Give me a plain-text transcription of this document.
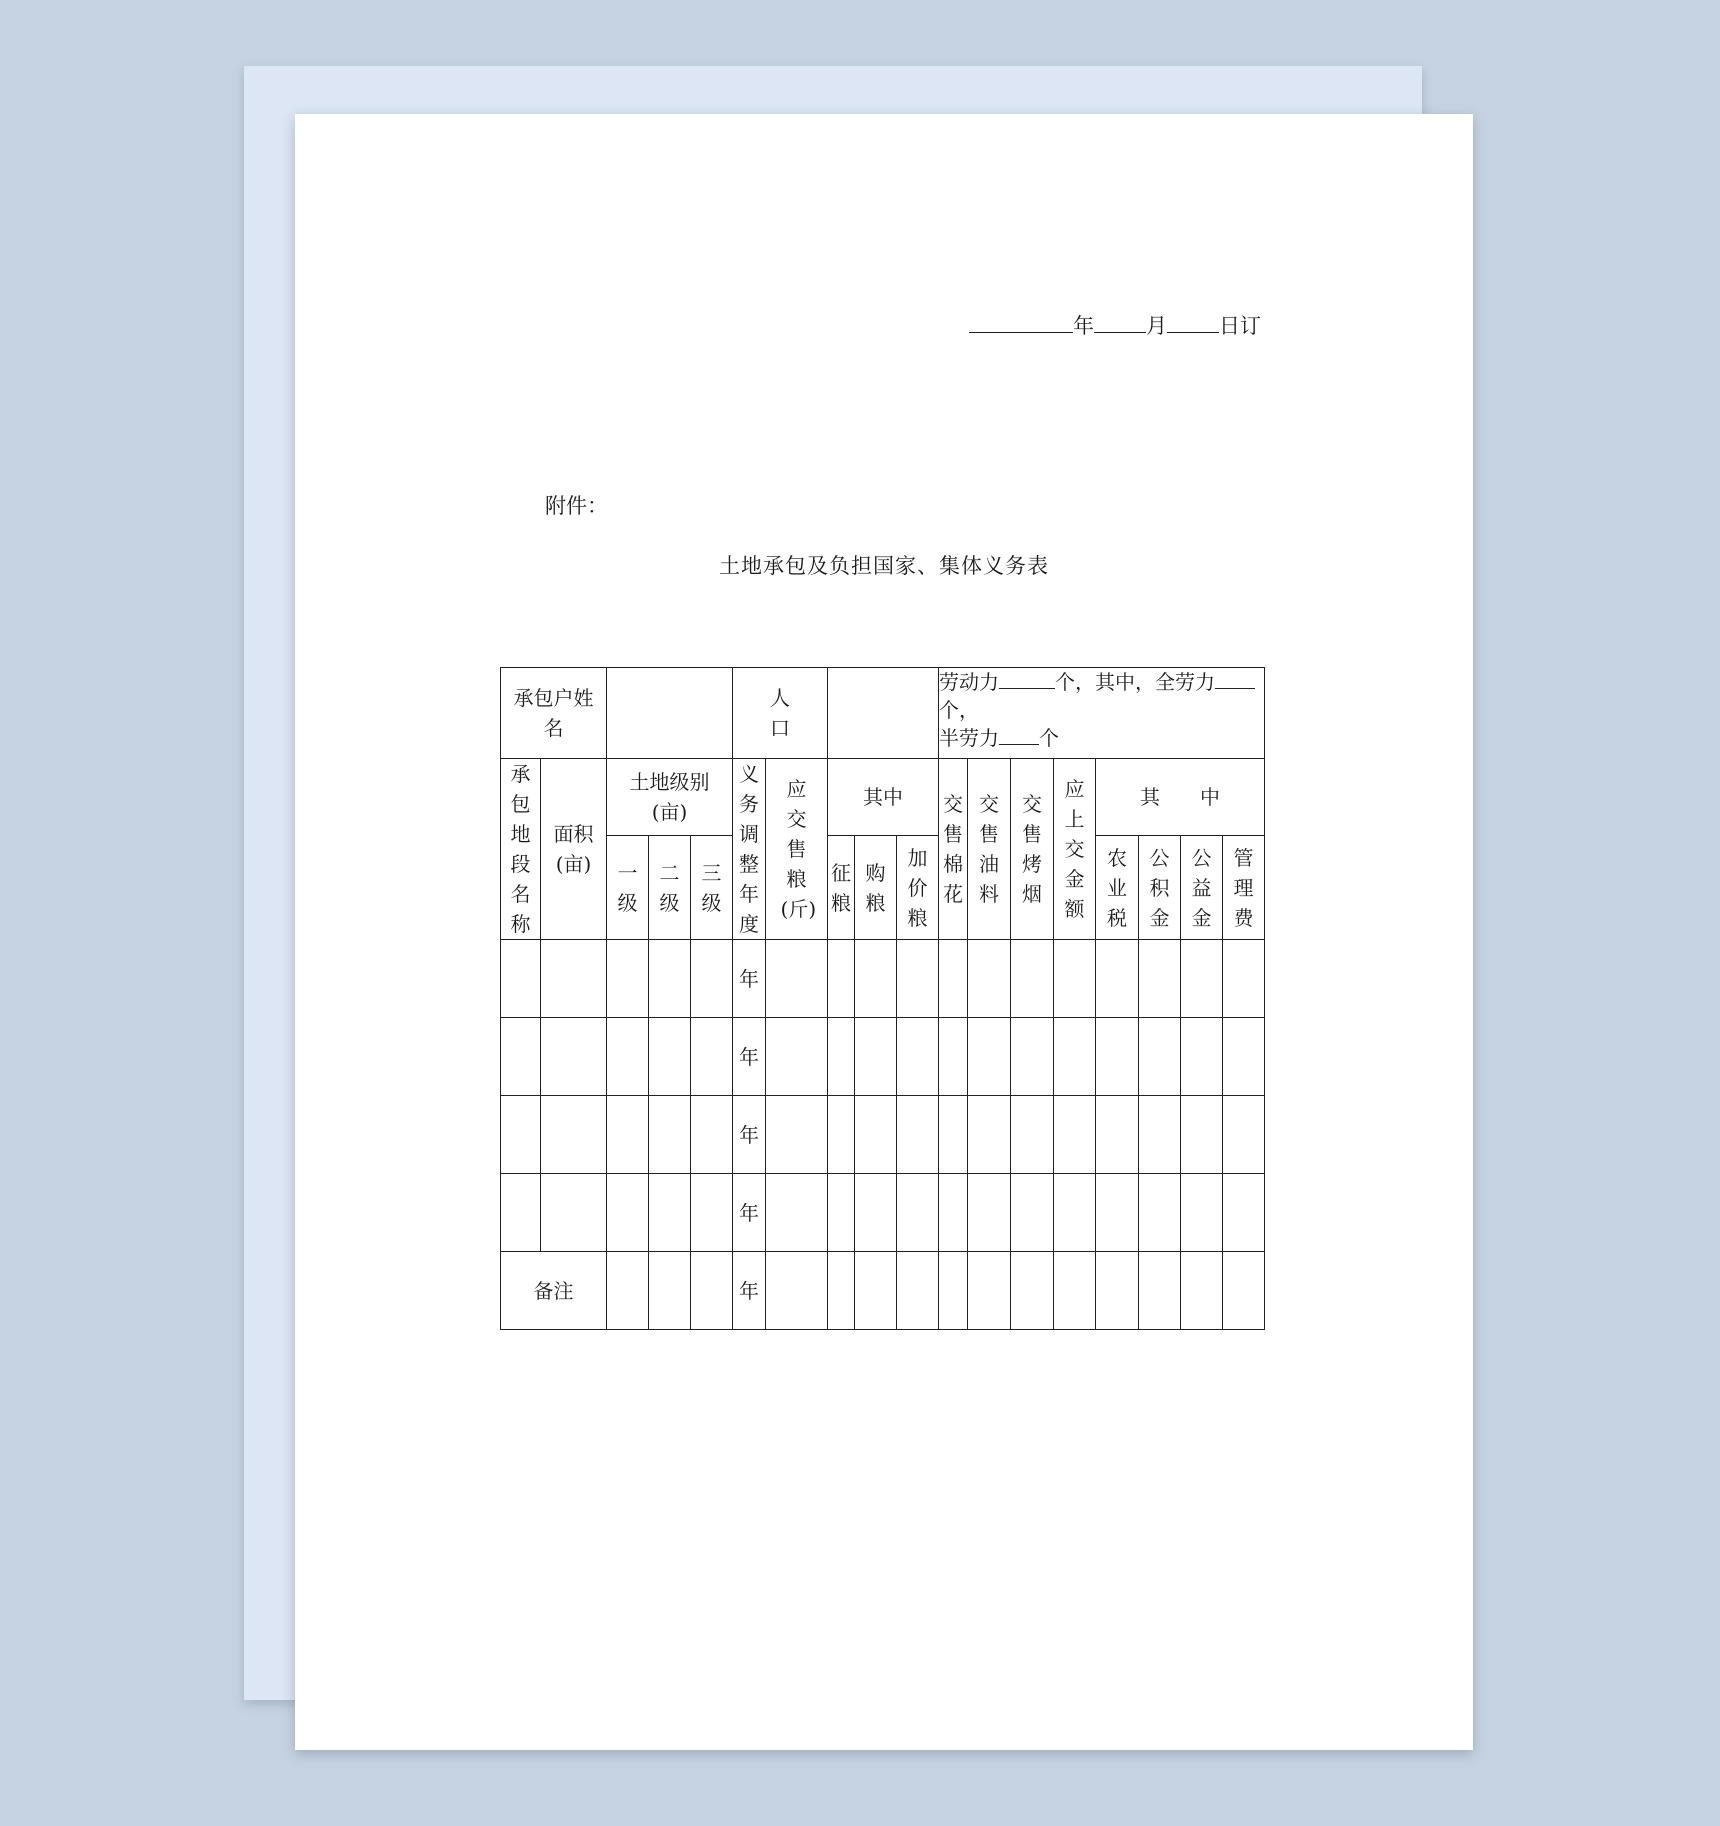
年 月 日订
附件：
土地承包及负担国家、集体义务表
承包户姓名					人口					劳动力 个，其中，全劳力
个，
半劳力 个							
承包地段名称	面积(亩)	土地级别(亩)			义务调整年度	应交售粮(斤)	其中			交售棉花	交售油料	交售烤烟	应上交金额	其　　中			
		一级	二级	三级			征粮	购粮	加价粮					农业税	公积金	公益金	管理费
					年												
					年												
					年												
					年												
备注					年												
